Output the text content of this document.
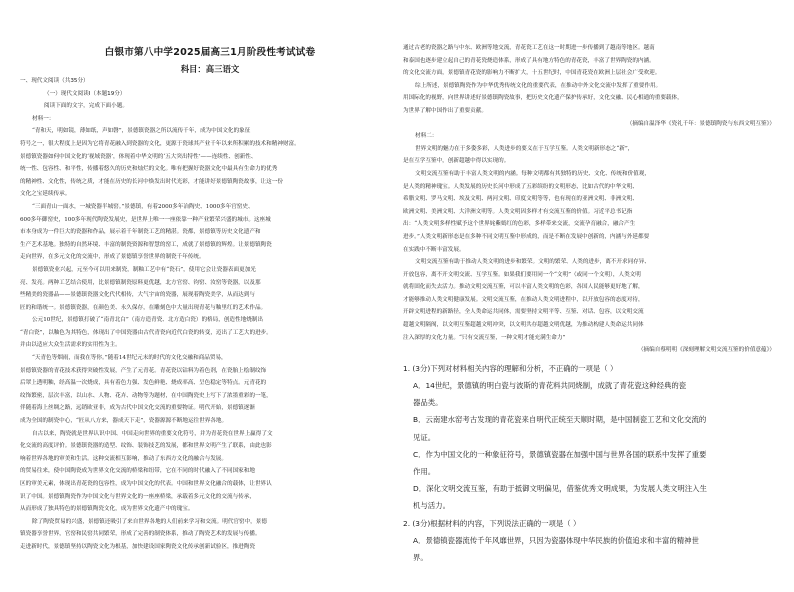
白银市第八中学2025届高三1月阶段性考试试卷
科目：高三语文
一、现代文阅读（共35分）
（一）现代文阅读Ⅰ（本题19分）
阅读下面的文字，完成下面小题。
材料一：
“青和天，明如镜，薄如纸，声如磬”，景德镇瓷器之所以流传千年，成为中国文化的象征
符号之一，很大程度上是因为它将青花融入到瓷器的文化，更源于瓷球其产业千年以来所积累的技术和精神财富。
景德镇瓷器如何中国文化的‘视域瓷器’，体现着中华文明的‘五大突出特性’——连续性、创新性、
统一性、包容性、和平性，传播着悠久的历史和灿烂的文化。唯有把握好瓷器文化中最具有生命力的优秀
的精神性、文化性，传统之质，才能在历史的长河中焕发出时代光彩，才能讲好景德镇陶瓷故事，让这一份
文化之宝延续传承。
“三面青山一面水，一城瓷器半城窑。”景德镇，有着2000多年冶陶史、1000多年官窑史、
600多年御窑史，100多年现代陶瓷发展史，是世界上唯一一座依靠一种产业繁荣兴盛的城市。这座城
市本身成为一件巨大的瓷器和作品，展示着千年制瓷工艺的精湛。瓷都，景德镇等历史文化遗产和
生产艺术基地。独特的自然环境、丰富的制瓷资源和智慧的窑工，成就了景德镇的辉煌。让景德镇陶瓷
走向世界，在多元文化的交流中，形成了景德镇享誉世界的制瓷千年传统。
景德镇瓷业兴起，元至今可以用来制瓷，制釉工艺中有“瓷石”，使用它会让瓷器表面更加光
亮、发亮。两种工艺结合使用，比景德镇制瓷原料更优越，北方官窑、钧窑、汝窑等瓷器，以及那
些精美的瓷器品——景德镇瓷器文化代代相传，大气宇宙的瓷器，展现着陶瓷美学，从而达到与
匠的和谐统一。景德镇瓷器，在颜色美、永久保存，在雕刻色中大量出现青花与釉里红的艺术作品。
公元10世纪，景德镇打破了“南青北白”（南方造青瓷、北方造白瓷）的格局，创造性地烧制出
“青白瓷”，以釉色为其特色，体现出了中国瓷器由古代青瓷向近代白瓷的转变，迈出了工艺大的进步。
并由以适应大众生活需求的实用性为主。
“天青色等烟雨，而我在等你。”随着14世纪元末的时代的文化交融和商品贸易，
景德镇瓷器的青花技术获得突破性发展，产生了元青花。青花瓷以钴料为着色剂，在瓷胎上绘制纹饰
后罩上透明釉，经高温一次烧成，具有着色力强、发色鲜艳、烧成率高、呈色稳定等特点。元青花的
纹饰繁密，层次丰富，以山水、人物、花卉、动物等为题材，在中国陶瓷史上写下了浓墨重彩的一笔，
伴随着海上丝绸之路，远销欧亚非，成为古代中国文化交流的重要物证。明代开始，景德镇逐渐
成为全国的制瓷中心，“匠从八方来，器成天下走”，瓷器源源不断地运往世界各地。
自古以来，陶瓷就是世界认识中国、中国走向世界的重要文化符号，并为青花瓷在世界上赢得了文
化交流的高度评价。景德镇瓷器的造型、纹饰、装饰技艺的发展，都和世界文明产生了联系，由此也影
响着世界各地的审美和生活。这种交流相互影响，推动了东西方文化的融合与发展。
的贸易往来，使中国陶瓷成为世界文化交流的桥梁和纽带，它在不同的时代融入了不同国家和地
区的审美元素，体现出青花瓷的包容性，成为中国文化的代表。中国和世界文化融合的载体，让世界认
识了中国。景德镇陶瓷作为中国文化与世界文化的一座座桥梁，承载着多元文化的交流与传承，
从而形成了独具特色的景德镇陶瓷文化，成为世界文化遗产中的瑰宝。
除了陶瓷贸易的兴盛，景德镇还吸引了来自世界各地的人们前来学习和交流。明代官窑中，景德
镇瓷器享誉世界，官窑和民窑共同繁荣，形成了完善的制瓷体系，推动了陶瓷艺术的发展与传播。
走进新时代，景德镇坚持以陶瓷文化为根基，加快建设国家陶瓷文化传承创新试验区，推进陶瓷
通过古老的瓷器之路与中东、欧洲等地交流，青花瓷工艺在这一时期进一步传播到了越南等地区。越南
和泰国也逐步建立起自己的青花瓷烧造体系，形成了具有地方特色的青花瓷，丰富了世界陶瓷的内涵。
的文化交流方面，景德镇青花瓷的影响力不断扩大，十五世纪时，中国青花瓷在欧洲上层社会广受欢迎。
综上所述，景德镇陶瓷作为中华优秀传统文化的重要代表，在推动中外文化交流中发挥了重要作用。
用国际化的视野，向世界讲述好景德镇陶瓷故事，把历史文化遗产保护传承好，文化交融、民心相通的重要载体，
为世界了解中国作出了重要贡献。
（摘编自温泽华《瓷礼千年：景德镇陶瓷与东西文明互鉴》）
材料二：
世界文明的魅力在于多姿多彩，人类进步的要义在于互学互鉴。人类文明新形态之“新”，
是在互学互鉴中，创新超越中得以实现的。
文明交流互鉴有助于丰富人类文明的内涵。每种文明都有其独特的历史、文化、传统和价值观，
是人类的精神瑰宝。人类发展的历史长河中形成了五彩缤纷的文明形态，比如古代的中华文明、
希腊文明、罗马文明、埃及文明、两河文明、印度文明等等，也有现在的亚洲文明、非洲文明、
欧洲文明、美洲文明、大洋洲文明等。人类文明因多样才有交流互鉴的价值。习近平总书记指
出：“人类文明多样性赋予这个世界姹紫嫣红的色彩，多样带来交流，交流孕育融合，融合产生
进步。”人类文明新形态是在多种不同文明互鉴中形成的，而是不断在发展中创新的，内涵与外延都要
在实践中不断丰富发展。
文明交流互鉴有助于推动人类文明的进步和繁荣。文明的繁荣、人类的进步，离不开求同存异、
开放包容，离不开文明交流、互学互鉴。如果我们要用同一个“文明”（或同一个文明），人类文明
就将固化而失去活力。推动文明交流互鉴，可以丰富人类文明的色彩，各国人民能够更好地了解，
才能够推动人类文明健康发展。文明交流互鉴，在推动人类文明进程中，以开放包容的态度对待，
开辟文明进程的新路径，全人类命运共同体，需要坚持文明平等、互鉴、对话、包容，以文明交流
超越文明隔阂，以文明互鉴超越文明冲突，以文明共存超越文明优越，为推动构建人类命运共同体
注入深厚的文化力量。“只有交流互鉴，一种文明才能充满生命力”
（摘编自蔡明明《深刻理解文明交流互鉴的价值意蕴》）
1. (3分)下列对材料相关内容的理解和分析，不正确的一项是（ ）
A．14世纪，景德镇的明白瓷与波斯的青花料共同烧制，成就了青花瓷这种经典的瓷
器品类。
B．云南建水窑考古发现的青花瓷来自明代正统至天顺时期，是中国制瓷工艺和文化交流的
见证。
C．作为中国文化的一种象征符号，景德镇瓷器在加强中国与世界各国的联系中发挥了重要
作用。
D．深化文明交流互鉴，有助于抵御文明偏见，借鉴优秀文明成果，为发展人类文明注入生
机与活力。
2. (3分)根据材料的内容，下列说法正确的一项是（ ）
A．景德镇瓷器流传千年风靡世界，只因为瓷器体现中华民族的价值追求和丰富的精神世
界。
